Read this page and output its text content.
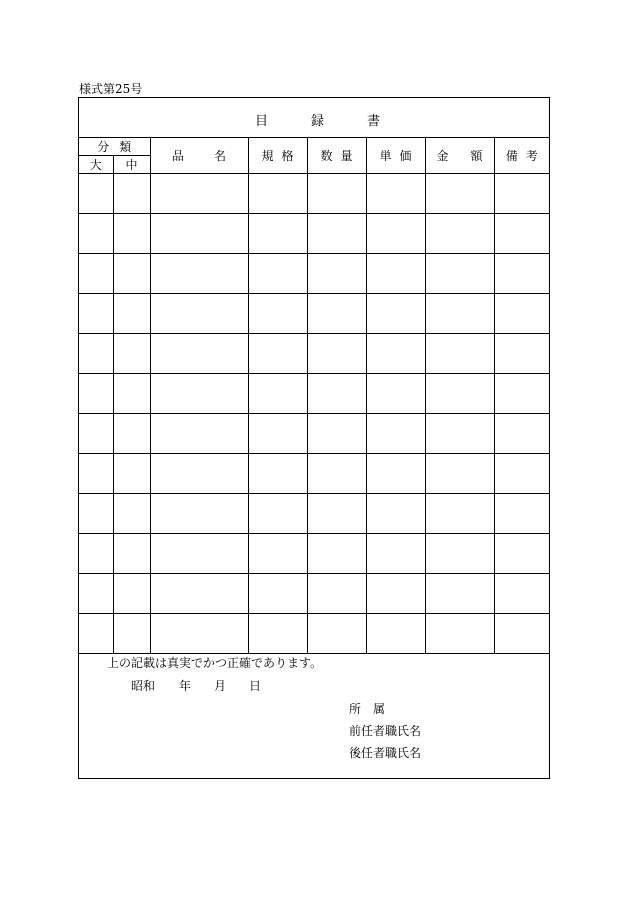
様式第25号
目	録	書
分 類		品 名	規 格	数 量	単 価	金 額	備 考

大	中						

上の記載は真実でかつ正確であります。
昭和 年 月 日
所 属
前任者職氏名
後任者職氏名
